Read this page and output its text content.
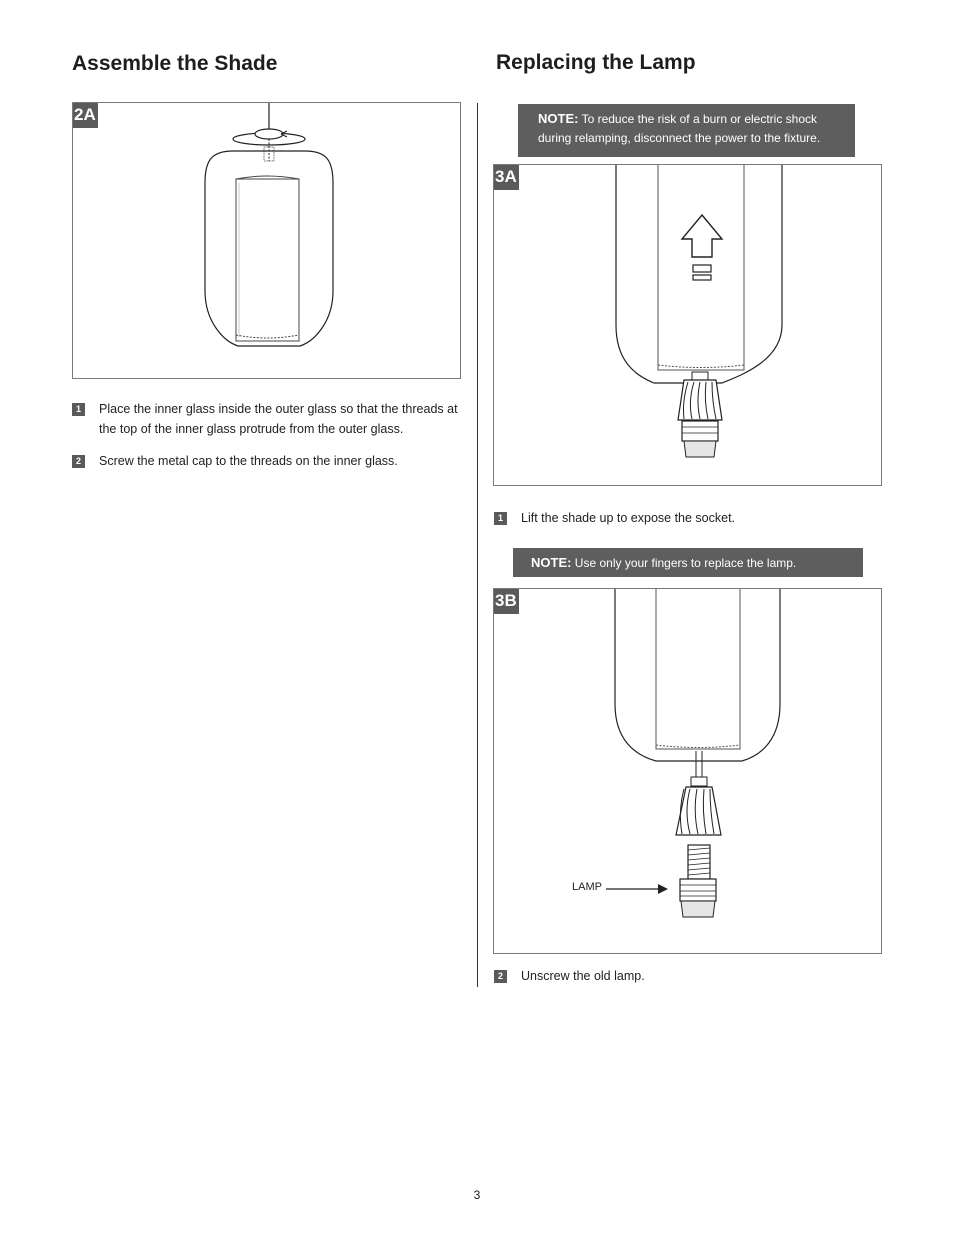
Assemble the Shade
2A
1	Place the inner glass inside the outer glass so that the threads at the top of the inner glass protrude from the outer glass.
2	Screw the metal cap to the threads on the inner glass.
Replacing the Lamp
NOTE: To reduce the risk of a burn or electric shock during relamping, disconnect the power to the fixture.
3A
1	Lift the shade up to expose the socket.
NOTE: Use only your fingers to replace the lamp.
3B
LAMP
2	Unscrew the old lamp.
3
